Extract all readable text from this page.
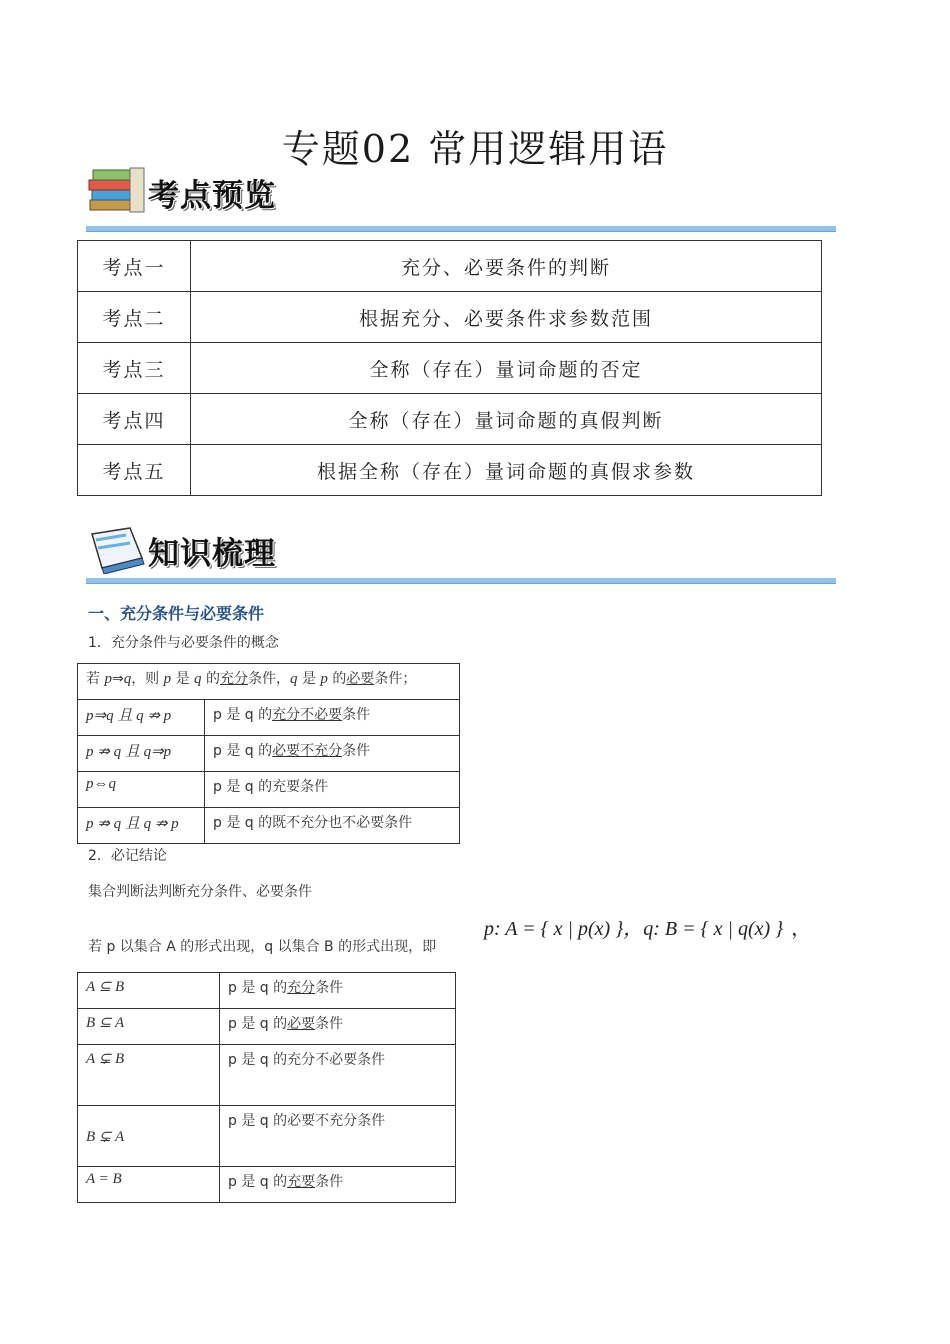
专题02 常用逻辑用语
考点预览
考点一	充分、必要条件的判断
考点二	根据充分、必要条件求参数范围
考点三	全称（存在）量词命题的否定
考点四	全称（存在）量词命题的真假判断
考点五	根据全称（存在）量词命题的真假求参数
知识梳理
一、充分条件与必要条件
1．充分条件与必要条件的概念
若 p⇒q，则 p 是 q 的充分条件，q 是 p 的必要条件；	
p⇒q 且 q ⇏ p	p 是 q 的充分不必要条件
p ⇏ q 且 q⇒p	p 是 q 的必要不充分条件
p⇔q	p 是 q 的充要条件
p ⇏ q 且 q ⇏ p	p 是 q 的既不充分也不必要条件
2．必记结论
集合判断法判断充分条件、必要条件
若 p 以集合 A 的形式出现，q 以集合 B 的形式出现，即
p: A = { x | p(x) }，q: B = { x | q(x) } ，
A ⊆ B	p 是 q 的充分条件
B ⊆ A	p 是 q 的必要条件
A ⊊ B	p 是 q 的充分不必要条件
B ⊊ A	p 是 q 的必要不充分条件
A = B	p 是 q 的充要条件
